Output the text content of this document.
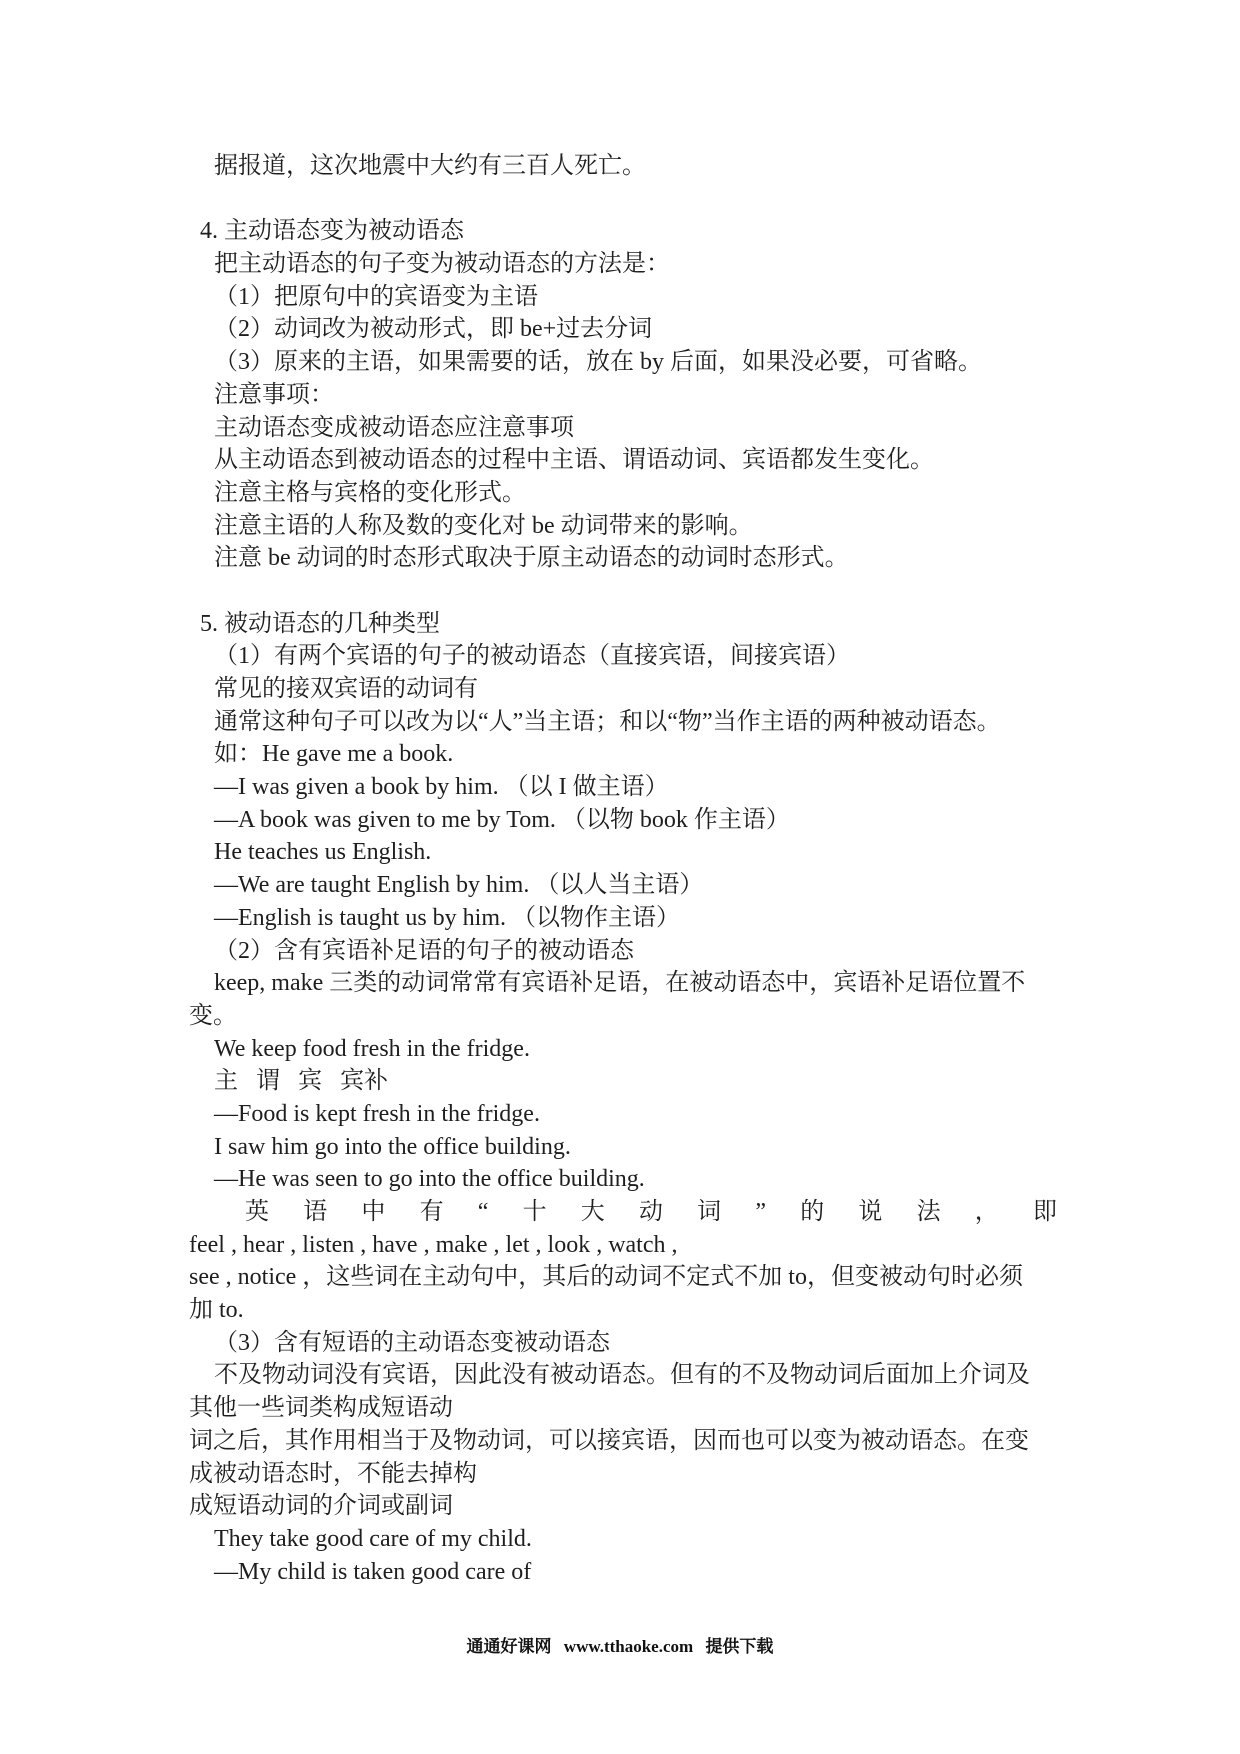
据报道，这次地震中大约有三百人死亡。
4. 主动语态变为被动语态
把主动语态的句子变为被动语态的方法是：
（1）把原句中的宾语变为主语
（2）动词改为被动形式，即 be+过去分词
（3）原来的主语，如果需要的话，放在 by 后面，如果没必要，可省略。
注意事项：
主动语态变成被动语态应注意事项
从主动语态到被动语态的过程中主语、谓语动词、宾语都发生变化。
注意主格与宾格的变化形式。
注意主语的人称及数的变化对 be 动词带来的影响。
注意 be 动词的时态形式取决于原主动语态的动词时态形式。
5. 被动语态的几种类型
（1）有两个宾语的句子的被动语态（直接宾语，间接宾语）
常见的接双宾语的动词有
通常这种句子可以改为以“人”当主语；和以“物”当作主语的两种被动语态。
如：He gave me a book.
—I was given a book by him. （以 I 做主语）
—A book was given to me by Tom. （以物 book 作主语）
He teaches us English.
—We are taught English by him. （以人当主语）
—English is taught us by him. （以物作主语）
（2）含有宾语补足语的句子的被动语态
keep, make 三类的动词常常有宾语补足语，在被动语态中，宾语补足语位置不
变。
We keep food fresh in the fridge.
主 谓 宾 宾补
—Food is kept fresh in the fridge.
I saw him go into the office building.
—He was seen to go into the office building.
英 语 中 有 “ 十 大 动 词 ” 的 说 法 ， 即
feel , hear , listen , have , make , let , look , watch ,
see , notice ，这些词在主动句中，其后的动词不定式不加 to，但变被动句时必须
加 to.
（3）含有短语的主动语态变被动语态
不及物动词没有宾语，因此没有被动语态。但有的不及物动词后面加上介词及
其他一些词类构成短语动
词之后，其作用相当于及物动词，可以接宾语，因而也可以变为被动语态。在变
成被动语态时，不能去掉构
成短语动词的介词或副词
They take good care of my child.
—My child is taken good care of
通通好课网 www.tthaoke.com 提供下载
